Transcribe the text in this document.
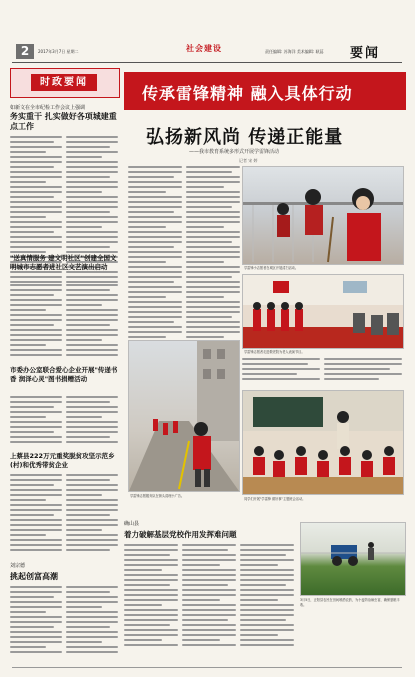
2	2017年3月7日 星期二	社会建设	责任编辑: 苏海洋 美术编辑: 耿蕊 要闻
时政要闻
如新文在全市纪检工作会议上强调
务实重干 扎实做好各项城建重点工作
"送真情服务 建文明社区"创建全国文明城市志愿者进社区文艺演出启动
市委办公室联合爱心企业开展"传递书香 润泽心灵"图书捐赠活动
上蔡县222万元重奖脱贫攻坚示范乡(村)和优秀带贫企业
刘宗德
挑起创富高潮
传承雷锋精神 融入具体行动
弘扬新风尚 传递正能量
——我市教育系统多形式开展学雷锋活动
记者 宋 婷
学雷锋小志愿者在城区开展清扫活动。
学雷锋志愿者走进敬老院为老人表演节目。
学雷锋志愿服务队在街头清理小广告。
同学们开展"学雷锋 做好事"主题班会活动。
确山县
着力破解基层党校作用发挥难问题
3月5日，正阳县农民在田间喷洒农药，为小麦防治病虫害，确保夏粮丰收。
